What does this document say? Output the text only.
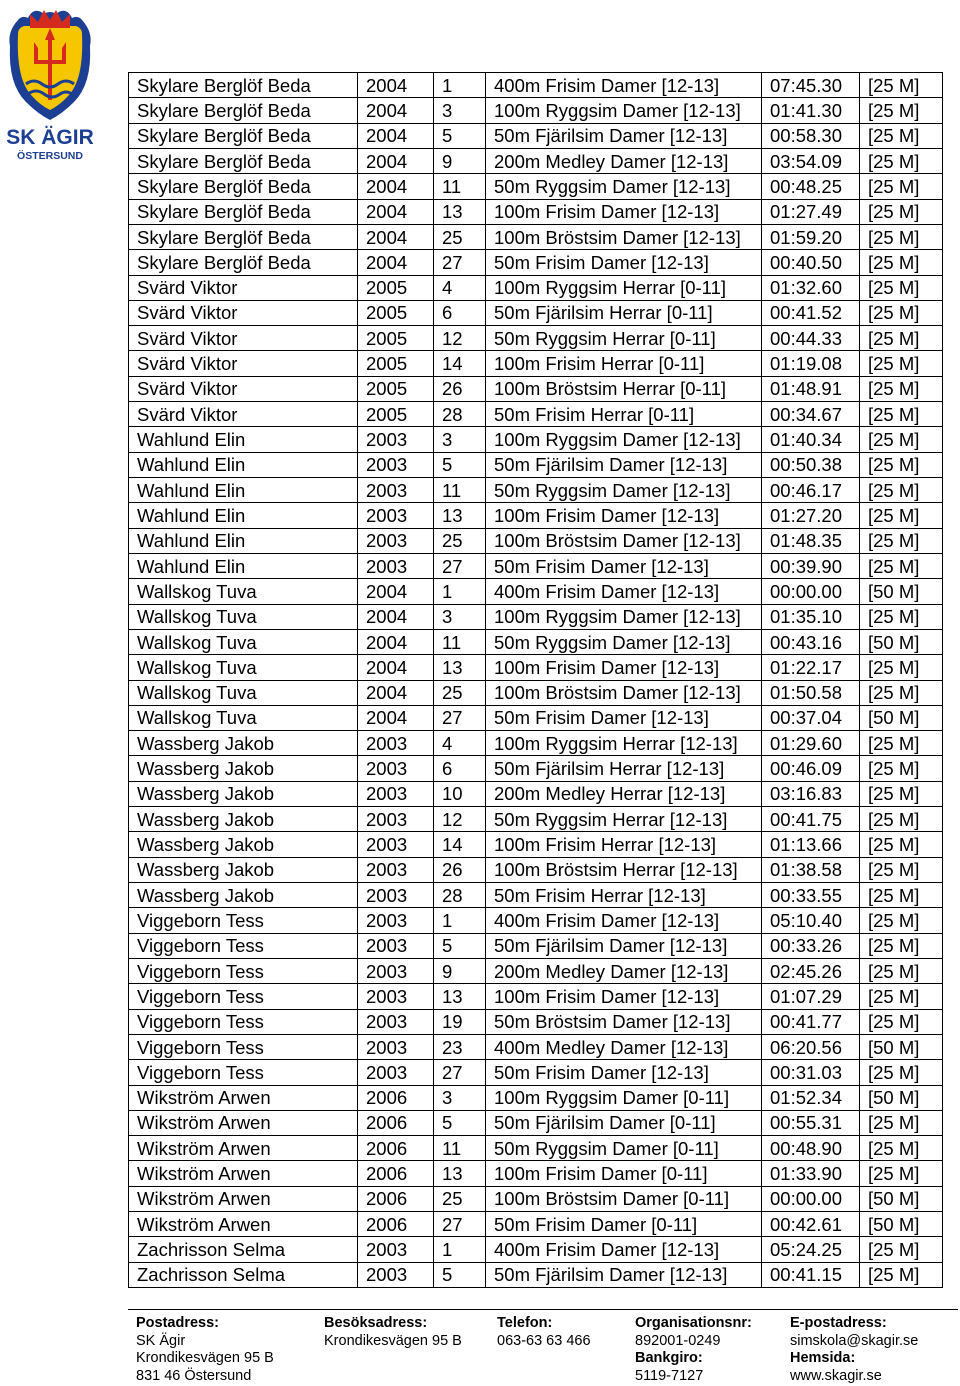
SK ÄGIR
ÖSTERSUND
Skylare Berglöf Beda	2004	1	400m Frisim Damer [12-13]	07:45.30	[25 M]
Skylare Berglöf Beda	2004	3	100m Ryggsim Damer [12-13]	01:41.30	[25 M]
Skylare Berglöf Beda	2004	5	50m Fjärilsim Damer [12-13]	00:58.30	[25 M]
Skylare Berglöf Beda	2004	9	200m Medley Damer [12-13]	03:54.09	[25 M]
Skylare Berglöf Beda	2004	11	50m Ryggsim Damer [12-13]	00:48.25	[25 M]
Skylare Berglöf Beda	2004	13	100m Frisim Damer [12-13]	01:27.49	[25 M]
Skylare Berglöf Beda	2004	25	100m Bröstsim Damer [12-13]	01:59.20	[25 M]
Skylare Berglöf Beda	2004	27	50m Frisim Damer [12-13]	00:40.50	[25 M]
Svärd Viktor	2005	4	100m Ryggsim Herrar [0-11]	01:32.60	[25 M]
Svärd Viktor	2005	6	50m Fjärilsim Herrar [0-11]	00:41.52	[25 M]
Svärd Viktor	2005	12	50m Ryggsim Herrar [0-11]	00:44.33	[25 M]
Svärd Viktor	2005	14	100m Frisim Herrar [0-11]	01:19.08	[25 M]
Svärd Viktor	2005	26	100m Bröstsim Herrar [0-11]	01:48.91	[25 M]
Svärd Viktor	2005	28	50m Frisim Herrar [0-11]	00:34.67	[25 M]
Wahlund Elin	2003	3	100m Ryggsim Damer [12-13]	01:40.34	[25 M]
Wahlund Elin	2003	5	50m Fjärilsim Damer [12-13]	00:50.38	[25 M]
Wahlund Elin	2003	11	50m Ryggsim Damer [12-13]	00:46.17	[25 M]
Wahlund Elin	2003	13	100m Frisim Damer [12-13]	01:27.20	[25 M]
Wahlund Elin	2003	25	100m Bröstsim Damer [12-13]	01:48.35	[25 M]
Wahlund Elin	2003	27	50m Frisim Damer [12-13]	00:39.90	[25 M]
Wallskog Tuva	2004	1	400m Frisim Damer [12-13]	00:00.00	[50 M]
Wallskog Tuva	2004	3	100m Ryggsim Damer [12-13]	01:35.10	[25 M]
Wallskog Tuva	2004	11	50m Ryggsim Damer [12-13]	00:43.16	[50 M]
Wallskog Tuva	2004	13	100m Frisim Damer [12-13]	01:22.17	[25 M]
Wallskog Tuva	2004	25	100m Bröstsim Damer [12-13]	01:50.58	[25 M]
Wallskog Tuva	2004	27	50m Frisim Damer [12-13]	00:37.04	[50 M]
Wassberg Jakob	2003	4	100m Ryggsim Herrar [12-13]	01:29.60	[25 M]
Wassberg Jakob	2003	6	50m Fjärilsim Herrar [12-13]	00:46.09	[25 M]
Wassberg Jakob	2003	10	200m Medley Herrar [12-13]	03:16.83	[25 M]
Wassberg Jakob	2003	12	50m Ryggsim Herrar [12-13]	00:41.75	[25 M]
Wassberg Jakob	2003	14	100m Frisim Herrar [12-13]	01:13.66	[25 M]
Wassberg Jakob	2003	26	100m Bröstsim Herrar [12-13]	01:38.58	[25 M]
Wassberg Jakob	2003	28	50m Frisim Herrar [12-13]	00:33.55	[25 M]
Viggeborn Tess	2003	1	400m Frisim Damer [12-13]	05:10.40	[25 M]
Viggeborn Tess	2003	5	50m Fjärilsim Damer [12-13]	00:33.26	[25 M]
Viggeborn Tess	2003	9	200m Medley Damer [12-13]	02:45.26	[25 M]
Viggeborn Tess	2003	13	100m Frisim Damer [12-13]	01:07.29	[25 M]
Viggeborn Tess	2003	19	50m Bröstsim Damer [12-13]	00:41.77	[25 M]
Viggeborn Tess	2003	23	400m Medley Damer [12-13]	06:20.56	[50 M]
Viggeborn Tess	2003	27	50m Frisim Damer [12-13]	00:31.03	[25 M]
Wikström Arwen	2006	3	100m Ryggsim Damer [0-11]	01:52.34	[50 M]
Wikström Arwen	2006	5	50m Fjärilsim Damer [0-11]	00:55.31	[25 M]
Wikström Arwen	2006	11	50m Ryggsim Damer [0-11]	00:48.90	[25 M]
Wikström Arwen	2006	13	100m Frisim Damer [0-11]	01:33.90	[25 M]
Wikström Arwen	2006	25	100m Bröstsim Damer [0-11]	00:00.00	[50 M]
Wikström Arwen	2006	27	50m Frisim Damer [0-11]	00:42.61	[50 M]
Zachrisson Selma	2003	1	400m Frisim Damer [12-13]	05:24.25	[25 M]
Zachrisson Selma	2003	5	50m Fjärilsim Damer [12-13]	00:41.15	[25 M]
Postadress:
SK Ägir
Krondikesvägen 95 B
831 46 Östersund
Besöksadress:
Krondikesvägen 95 B
Telefon:
063-63 63 466
Organisationsnr:
892001-0249
Bankgiro:
5119-7127
E-postadress:
simskola@skagir.se
Hemsida:
www.skagir.se
